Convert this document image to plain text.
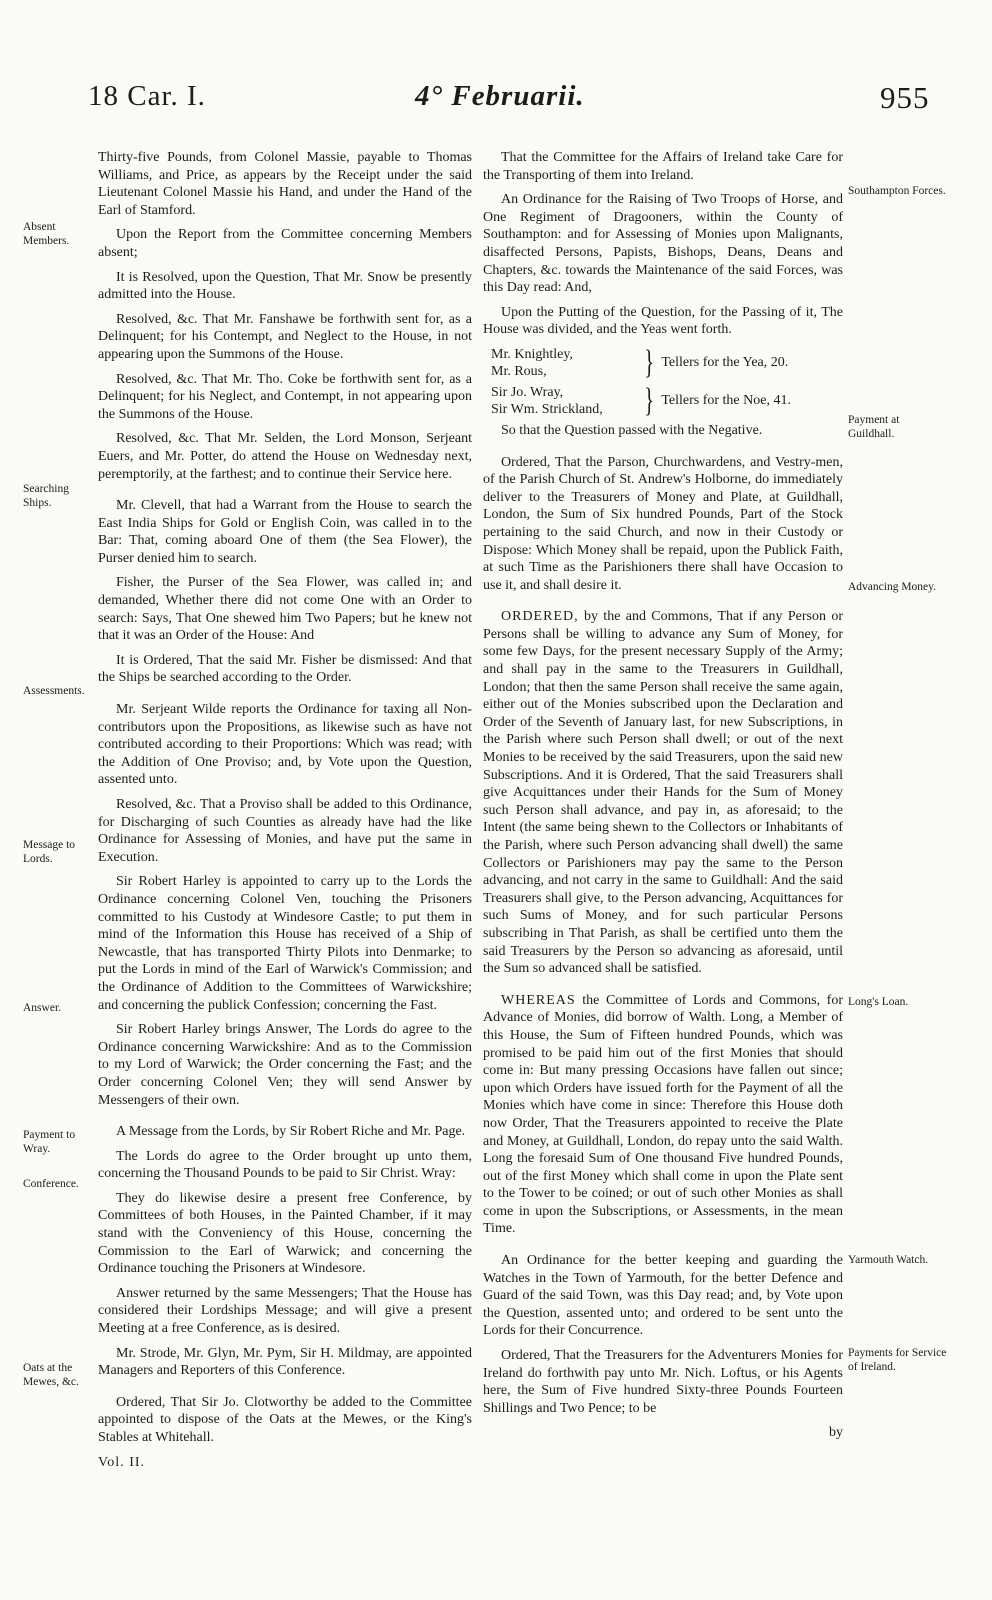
18 Car. I.	4° Februarii.	955
Absent Members.
Searching Ships.
Assessments.
Message to Lords.
Answer.
Payment to Wray.
Conference.
Oats at the Mewes, &c.
Southampton Forces.
Payment at Guildhall.
Advancing Money.
Long's Loan.
Yarmouth Watch.
Payments for Service of Ireland.

Thirty-five Pounds, from Colonel Massie, payable to Thomas Williams, and Price, as appears by the Receipt under the said Lieutenant Colonel Massie his Hand, and under the Hand of the Earl of Stamford.

Upon the Report from the Committee concerning Members absent;

It is Resolved, upon the Question, That Mr. Snow be presently admitted into the House.

Resolved, &c. That Mr. Fanshawe be forthwith sent for, as a Delinquent; for his Contempt, and Neglect to the House, in not appearing upon the Summons of the House.

Resolved, &c. That Mr. Tho. Coke be forthwith sent for, as a Delinquent; for his Neglect, and Contempt, in not appearing upon the Summons of the House.

Resolved, &c. That Mr. Selden, the Lord Monson, Serjeant Euers, and Mr. Potter, do attend the House on Wednesday next, peremptorily, at the farthest; and to continue their Service here.

Mr. Clevell, that had a Warrant from the House to search the East India Ships for Gold or English Coin, was called in to the Bar: That, coming aboard One of them (the Sea Flower), the Purser denied him to search.

Fisher, the Purser of the Sea Flower, was called in; and demanded, Whether there did not come One with an Order to search: Says, That One shewed him Two Papers; but he knew not that it was an Order of the House: And

It is Ordered, That the said Mr. Fisher be dismissed: And that the Ships be searched according to the Order.

Mr. Serjeant Wilde reports the Ordinance for taxing all Non-contributors upon the Propositions, as likewise such as have not contributed according to their Proportions: Which was read; with the Addition of One Proviso; and, by Vote upon the Question, assented unto.

Resolved, &c. That a Proviso shall be added to this Ordinance, for Discharging of such Counties as already have had the like Ordinance for Assessing of Monies, and have put the same in Execution.

Sir Robert Harley is appointed to carry up to the Lords the Ordinance concerning Colonel Ven, touching the Prisoners committed to his Custody at Windesore Castle; to put them in mind of the Information this House has received of a Ship of Newcastle, that has transported Thirty Pilots into Denmarke; to put the Lords in mind of the Earl of Warwick's Commission; and the Ordinance of Addition to the Committees of Warwickshire; and concerning the publick Confession; concerning the Fast.

Sir Robert Harley brings Answer, The Lords do agree to the Ordinance concerning Warwickshire: And as to the Commission to my Lord of Warwick; the Order concerning the Fast; and the Order concerning Colonel Ven; they will send Answer by Messengers of their own.

A Message from the Lords, by Sir Robert Riche and Mr. Page.

The Lords do agree to the Order brought up unto them, concerning the Thousand Pounds to be paid to Sir Christ. Wray:

They do likewise desire a present free Conference, by Committees of both Houses, in the Painted Chamber, if it may stand with the Conveniency of this House, concerning the Commission to the Earl of Warwick; and concerning the Ordinance touching the Prisoners at Windesore.

Answer returned by the same Messengers; That the House has considered their Lordships Message; and will give a present Meeting at a free Conference, as is desired.

Mr. Strode, Mr. Glyn, Mr. Pym, Sir H. Mildmay, are appointed Managers and Reporters of this Conference.

Ordered, That Sir Jo. Clotworthy be added to the Committee appointed to dispose of the Oats at the Mewes, or the King's Stables at Whitehall.

Vol. II.

That the Committee for the Affairs of Ireland take Care for the Transporting of them into Ireland.

An Ordinance for the Raising of Two Troops of Horse, and One Regiment of Dragooners, within the County of Southampton: and for Assessing of Monies upon Malignants, disaffected Persons, Papists, Bishops, Deans, Deans and Chapters, &c. towards the Maintenance of the said Forces, was this Day read: And,

Upon the Putting of the Question, for the Passing of it, The House was divided, and the Yeas went forth.

Mr. Knightley,
Mr. Rous,	} Tellers for the Yea, 20.
Sir Jo. Wray,
Sir Wm. Strickland,	} Tellers for the Noe, 41.

So that the Question passed with the Negative.

Ordered, That the Parson, Churchwardens, and Vestry-men, of the Parish Church of St. Andrew's Holborne, do immediately deliver to the Treasurers of Money and Plate, at Guildhall, London, the Sum of Six hundred Pounds, Part of the Stock pertaining to the said Church, and now in their Custody or Dispose: Which Money shall be repaid, upon the Publick Faith, at such Time as the Parishioners there shall have Occasion to use it, and shall desire it.

ORDERED, by the and Commons, That if any Person or Persons shall be willing to advance any Sum of Money, for some few Days, for the present necessary Supply of the Army; and shall pay in the same to the Treasurers in Guildhall, London; that then the same Person shall receive the same again, either out of the Monies subscribed upon the Declaration and Order of the Seventh of January last, for new Subscriptions, in the Parish where such Person shall dwell; or out of the next Monies to be received by the said Treasurers, upon the said new Subscriptions. And it is Ordered, That the said Treasurers shall give Acquittances under their Hands for the Sum of Money such Person shall advance, and pay in, as aforesaid; to the Intent (the same being shewn to the Collectors or Inhabitants of the Parish, where such Person advancing shall dwell) the same Collectors or Parishioners may pay the same to the Person advancing, and not carry in the same to Guildhall: And the said Treasurers shall give, to the Person advancing, Acquittances for such Sums of Money, and for such particular Persons subscribing in That Parish, as shall be certified unto them the said Treasurers by the Person so advancing as aforesaid, until the Sum so advanced shall be satisfied.

WHEREAS the Committee of Lords and Commons, for Advance of Monies, did borrow of Walth. Long, a Member of this House, the Sum of Fifteen hundred Pounds, which was promised to be paid him out of the first Monies that should come in: But many pressing Occasions have fallen out since; upon which Orders have issued forth for the Payment of all the Monies which have come in since: Therefore this House doth now Order, That the Treasurers appointed to receive the Plate and Money, at Guildhall, London, do repay unto the said Walth. Long the foresaid Sum of One thousand Five hundred Pounds, out of the first Money which shall come in upon the Plate sent to the Tower to be coined; or out of such other Monies as shall come in upon the Subscriptions, or Assessments, in the mean Time.

An Ordinance for the better keeping and guarding the Watches in the Town of Yarmouth, for the better Defence and Guard of the said Town, was this Day read; and, by Vote upon the Question, assented unto; and ordered to be sent unto the Lords for their Concurrence.

Ordered, That the Treasurers for the Adventurers Monies for Ireland do forthwith pay unto Mr. Nich. Loftus, or his Agents here, the Sum of Five hundred Sixty-three Pounds Fourteen Shillings and Two Pence; to be

by
